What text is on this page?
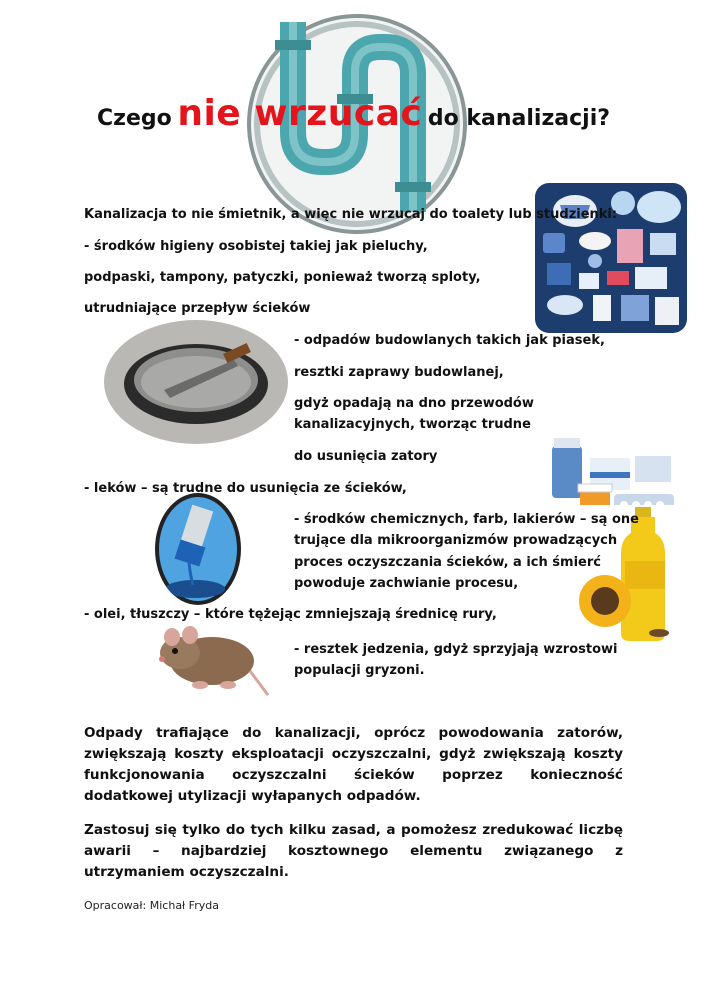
Czego nie wrzucać do kanalizacji?
Kanalizacja to nie śmietnik, a więc nie wrzucaj do toalety lub studzienki:
- środków higieny osobistej takiej jak pieluchy,
podpaski, tampony, patyczki, ponieważ tworzą sploty,
utrudniające przepływ ścieków
- odpadów budowlanych takich jak piasek,
resztki zaprawy budowlanej,
gdyż opadają na dno przewodów
kanalizacyjnych, tworząc trudne
do usunięcia zatory
- leków – są trudne do usunięcia ze ścieków,
- środków chemicznych, farb, lakierów – są one
trujące dla mikroorganizmów prowadzących
proces oczyszczania ścieków, a ich śmierć
powoduje zachwianie procesu,
- olei, tłuszczy – które tężejąc zmniejszają średnicę rury,
- resztek jedzenia, gdyż sprzyjają wzrostowi
populacji gryzoni.
Odpady trafiające do kanalizacji, oprócz powodowania zatorów, zwiększają koszty eksploatacji oczyszczalni, gdyż zwiększają koszty funkcjonowania oczyszczalni ścieków poprzez konieczność dodatkowej utylizacji wyłapanych odpadów.
Zastosuj się tylko do tych kilku zasad, a pomożesz zredukować liczbę awarii – najbardziej kosztownego elementu związanego z utrzymaniem oczyszczalni.
Opracował: Michał Fryda
